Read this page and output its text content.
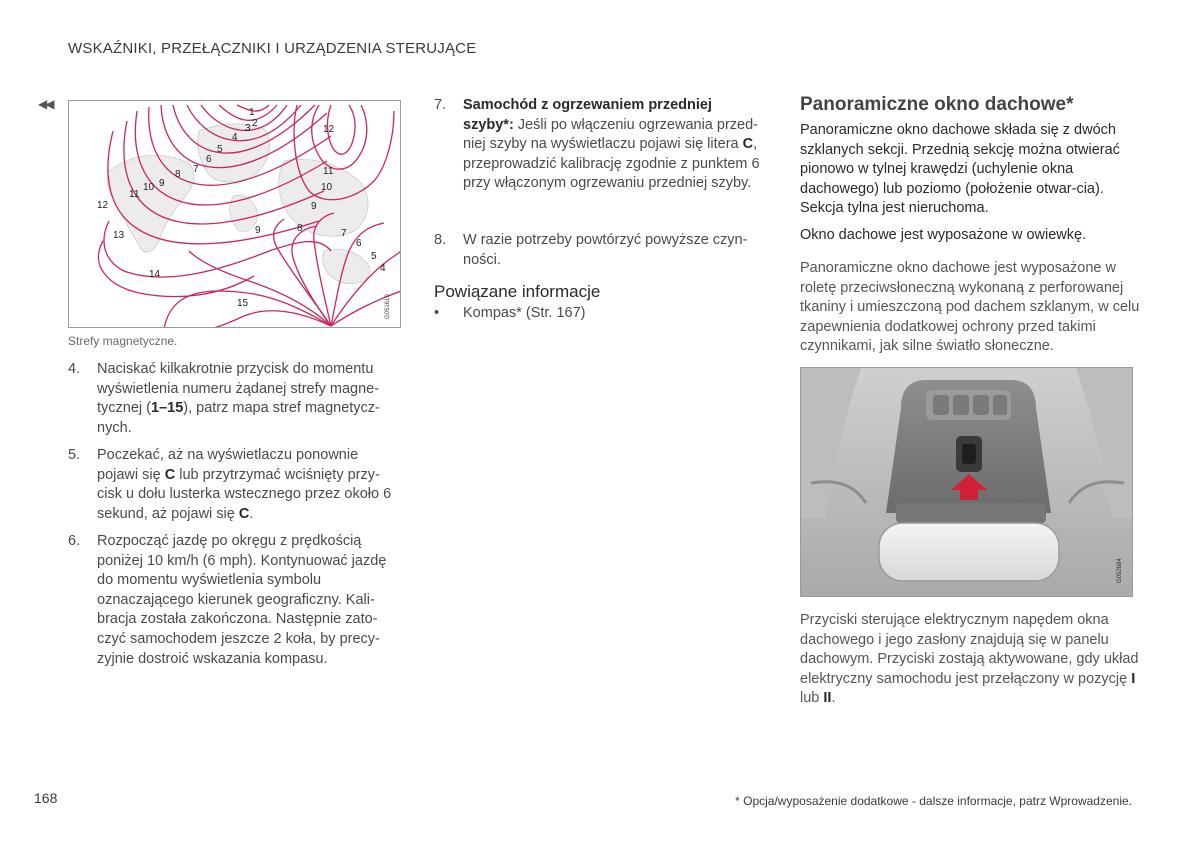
WSKAŹNIKI, PRZEŁĄCZNIKI I URZĄDZENIA STERUJĄCE
◀◀
1
2
3
4
5
6
7
8
9
10
11
12
11
10
9
8	7
6
5
4
9
12
13
14
15	G051610
Strefy magnetyczne.
4. Naciskać kilkakrotnie przycisk do momentu wyświetlenia numeru żądanej strefy magne-tycznej (1–15), patrz mapa stref magnetycz-nych.
5. Poczekać, aż na wyświetlaczu ponownie pojawi się C lub przytrzymać wciśnięty przy-cisk u dołu lusterka wstecznego przez około 6 sekund, aż pojawi się C.
6. Rozpocząć jazdę po okręgu z prędkością poniżej 10 km/h (6 mph). Kontynuować jazdę do momentu wyświetlenia symbolu oznaczającego kierunek geograficzny. Kali-bracja została zakończona. Następnie zato-czyć samochodem jeszcze 2 koła, by precy-zyjnie dostroić wskazania kompasu.
7. Samochód z ogrzewaniem przedniej szyby*: Jeśli po włączeniu ogrzewania przed-niej szyby na wyświetlaczu pojawi się litera C, przeprowadzić kalibrację zgodnie z punktem 6 przy włączonym ogrzewaniu przedniej szyby.
8. W razie potrzeby powtórzyć powyższe czyn-ności.
Powiązane informacje
• Kompas* (Str. 167)
Panoramiczne okno dachowe*
Panoramiczne okno dachowe składa się z dwóch szklanych sekcji. Przednią sekcję można otwierać pionowo w tylnej krawędzi (uchylenie okna dachowego) lub poziomo (położenie otwar-cia). Sekcja tylna jest nieruchoma.
Okno dachowe jest wyposażone w owiewkę.
Panoramiczne okno dachowe jest wyposażone w roletę przeciwsłoneczną wykonaną z perforowanej tkaniny i umieszczoną pod dachem szklanym, w celu zapewnienia dodatkowej ochrony przed takimi czynnikami, jak silne światło słoneczne.
G052684
Przyciski sterujące elektrycznym napędem okna dachowego i jego zasłony znajdują się w panelu dachowym. Przyciski zostają aktywowane, gdy układ elektryczny samochodu jest przełączony w pozycję I lub II.
168	* Opcja/wyposażenie dodatkowe - dalsze informacje, patrz Wprowadzenie.
